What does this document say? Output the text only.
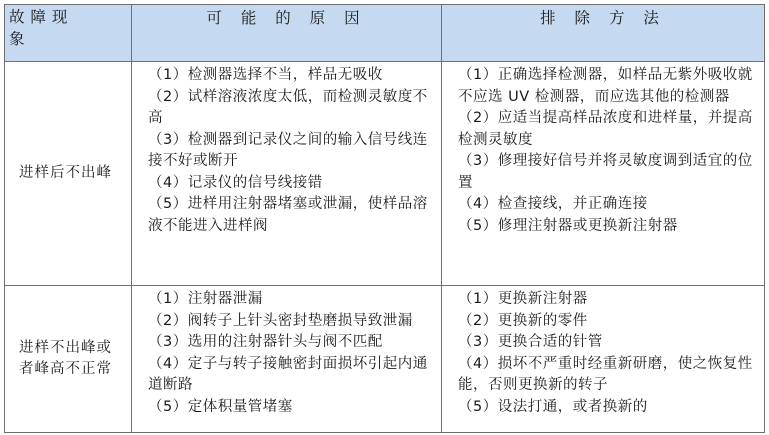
故 障 现
象	可 能 的 原 因	排 除 方 法
进样后不出峰	（1）检测器选择不当，样品无吸收
（2）试样溶液浓度太低，而检测灵敏度不高
（3）检测器到记录仪之间的输入信号线连接不好或断开
（4）记录仪的信号线接错
（5）进样用注射器堵塞或泄漏，使样品溶液不能进入进样阀	（1）正确选择检测器，如样品无紫外吸收就不应选 UV 检测器，而应选其他的检测器
（2）应适当提高样品浓度和进样量，并提高检测灵敏度
（3）修理接好信号并将灵敏度调到适宜的位置
（4）检查接线，并正确连接
（5）修理注射器或更换新注射器

进样不出峰或者峰高不正常	（1）注射器泄漏
（2）阀转子上针头密封垫磨损导致泄漏
（3）选用的注射器针头与阀不匹配
（4）定子与转子接触密封面损坏引起内通道断路
（5）定体积量管堵塞	（1）更换新注射器
（2）更换新的零件
（3）更换合适的针管
（4）损坏不严重时经重新研磨，使之恢复性能，否则更换新的转子
（5）设法打通，或者换新的
